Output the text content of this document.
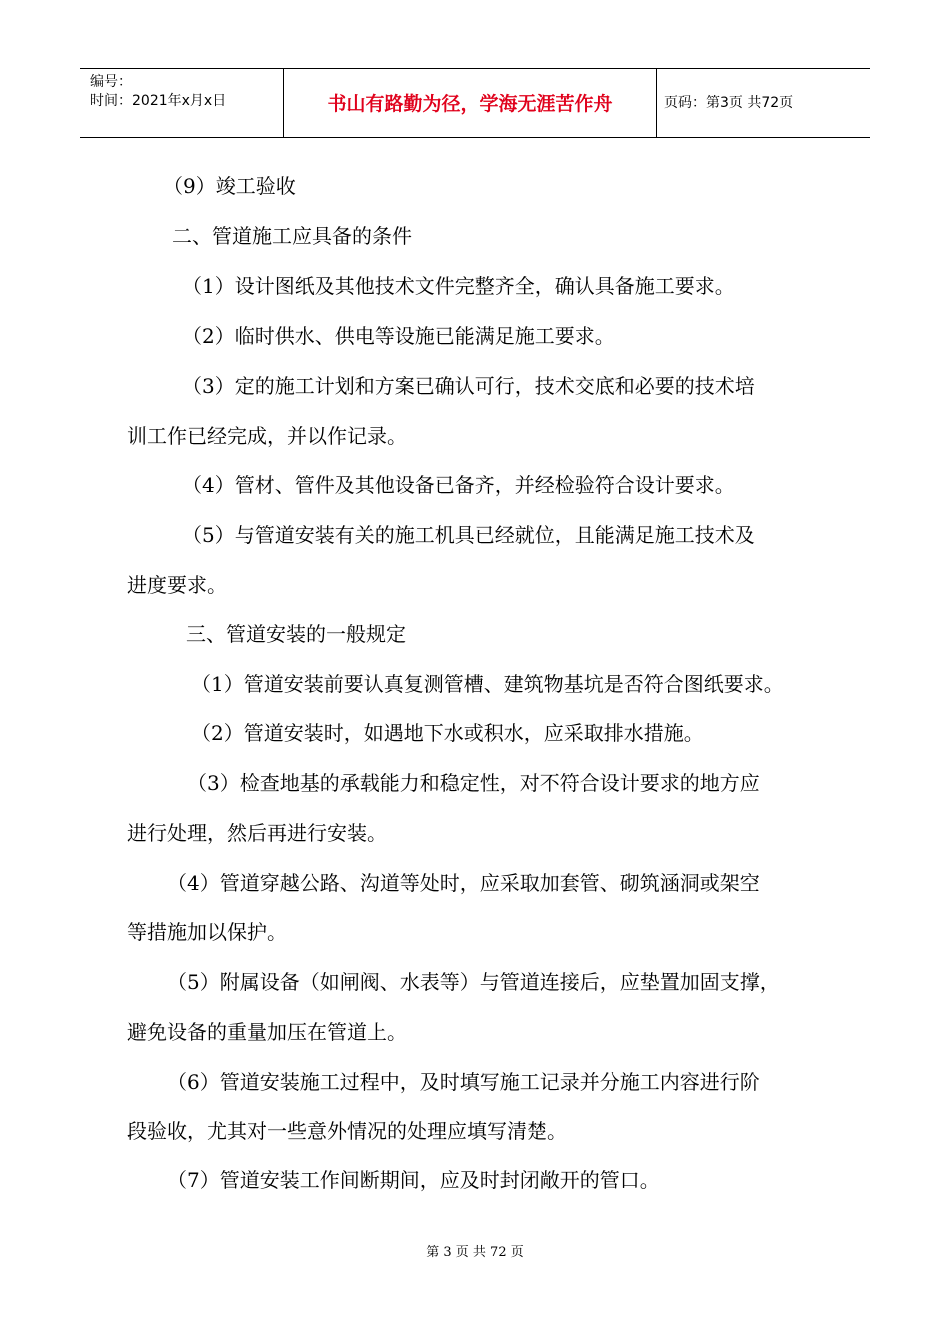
编号：
时间：2021年x月x日	书山有路勤为径，学海无涯苦作舟	页码：第3页 共72页
（9）竣工验收
二、管道施工应具备的条件
（1）设计图纸及其他技术文件完整齐全，确认具备施工要求。
（2）临时供水、供电等设施已能满足施工要求。
（3）定的施工计划和方案已确认可行，技术交底和必要的技术培
训工作已经完成，并以作记录。
（4）管材、管件及其他设备已备齐，并经检验符合设计要求。
（5）与管道安装有关的施工机具已经就位，且能满足施工技术及
进度要求。
三、管道安装的一般规定
（1）管道安装前要认真复测管槽、建筑物基坑是否符合图纸要求。
（2）管道安装时，如遇地下水或积水，应采取排水措施。
（3）检查地基的承载能力和稳定性，对不符合设计要求的地方应
进行处理，然后再进行安装。
（4）管道穿越公路、沟道等处时，应采取加套管、砌筑涵洞或架空
等措施加以保护。
（5）附属设备（如闸阀、水表等）与管道连接后，应垫置加固支撑，
避免设备的重量加压在管道上。
（6）管道安装施工过程中，及时填写施工记录并分施工内容进行阶
段验收，尤其对一些意外情况的处理应填写清楚。
（7）管道安装工作间断期间，应及时封闭敞开的管口。
第 3 页 共 72 页
